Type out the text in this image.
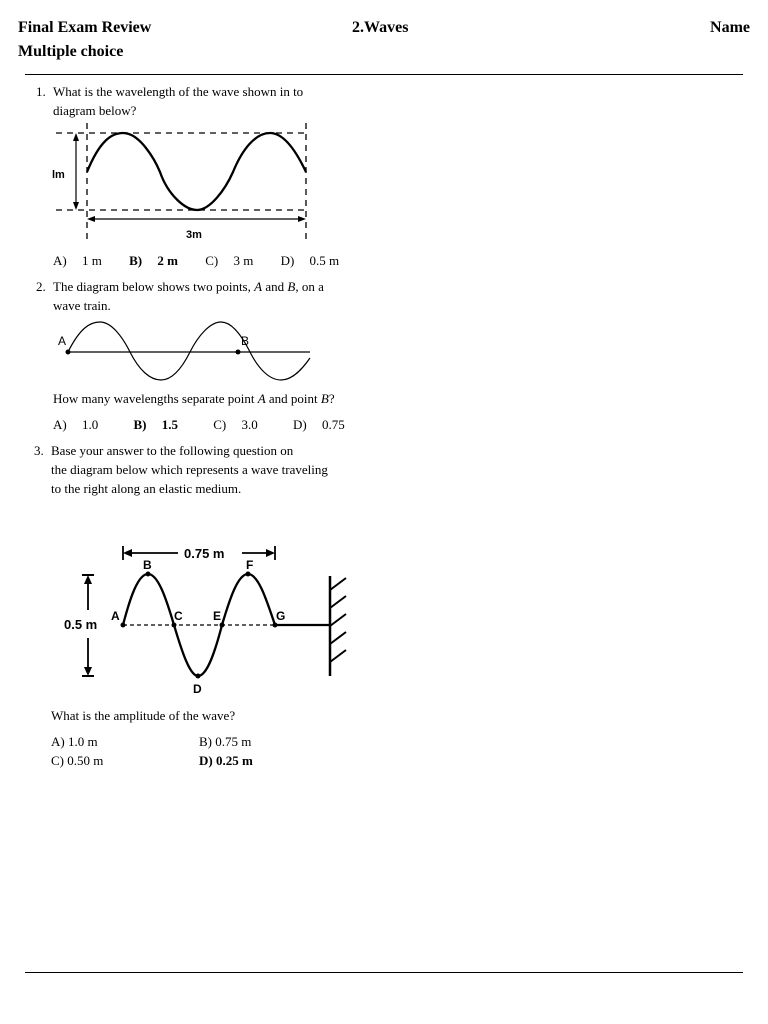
Final Exam Review
Multiple choice
2.Waves	Name
1. What is the wavelength of the wave shown in to
diagram below?
lm
3m
A) 1 m B) 2 m C) 3 m D) 0.5 m
2. The diagram below shows two points, A and B, on a
wave train.
A	B
How many wavelengths separate point A and point B?
A) 1.0	B) 1.5	C) 3.0	D) 0.75
3. Base your answer to the following question on
the diagram below which represents a wave traveling
to the right along an elastic medium.
0.75 m
0.5 m
A
B
C
D
E
F
G
What is the amplitude of the wave?
A) 1.0 m	B) 0.75 m
C) 0.50 m	D) 0.25 m
